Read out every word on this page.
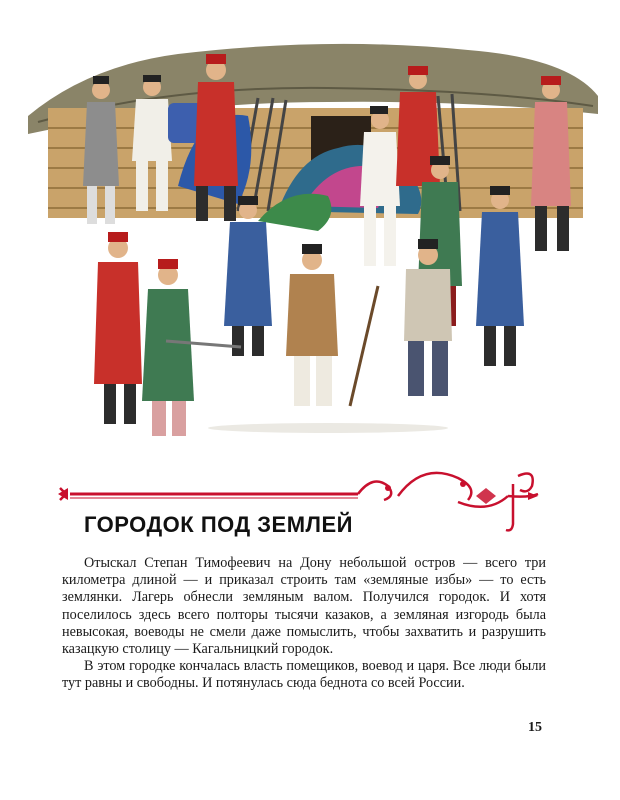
ГОРОДОК ПОД ЗЕМЛЕЙ

Отыскал Степан Тимофеевич на Дону небольшой остров — всего три километра длиной — и приказал строить там «земляные избы» — то есть землянки. Лагерь обнесли земляным валом. Получился городок. И хотя поселилось здесь всего полторы тысячи казаков, а земляная изгородь была невысокая, воеводы не смели даже помыслить, чтобы захватить и разрушить казацкую столицу — Кагальницкий городок.

В этом городке кончалась власть помещиков, воевод и царя. Все люди были тут равны и свободны. И потянулась сюда беднота со всей России.

15
